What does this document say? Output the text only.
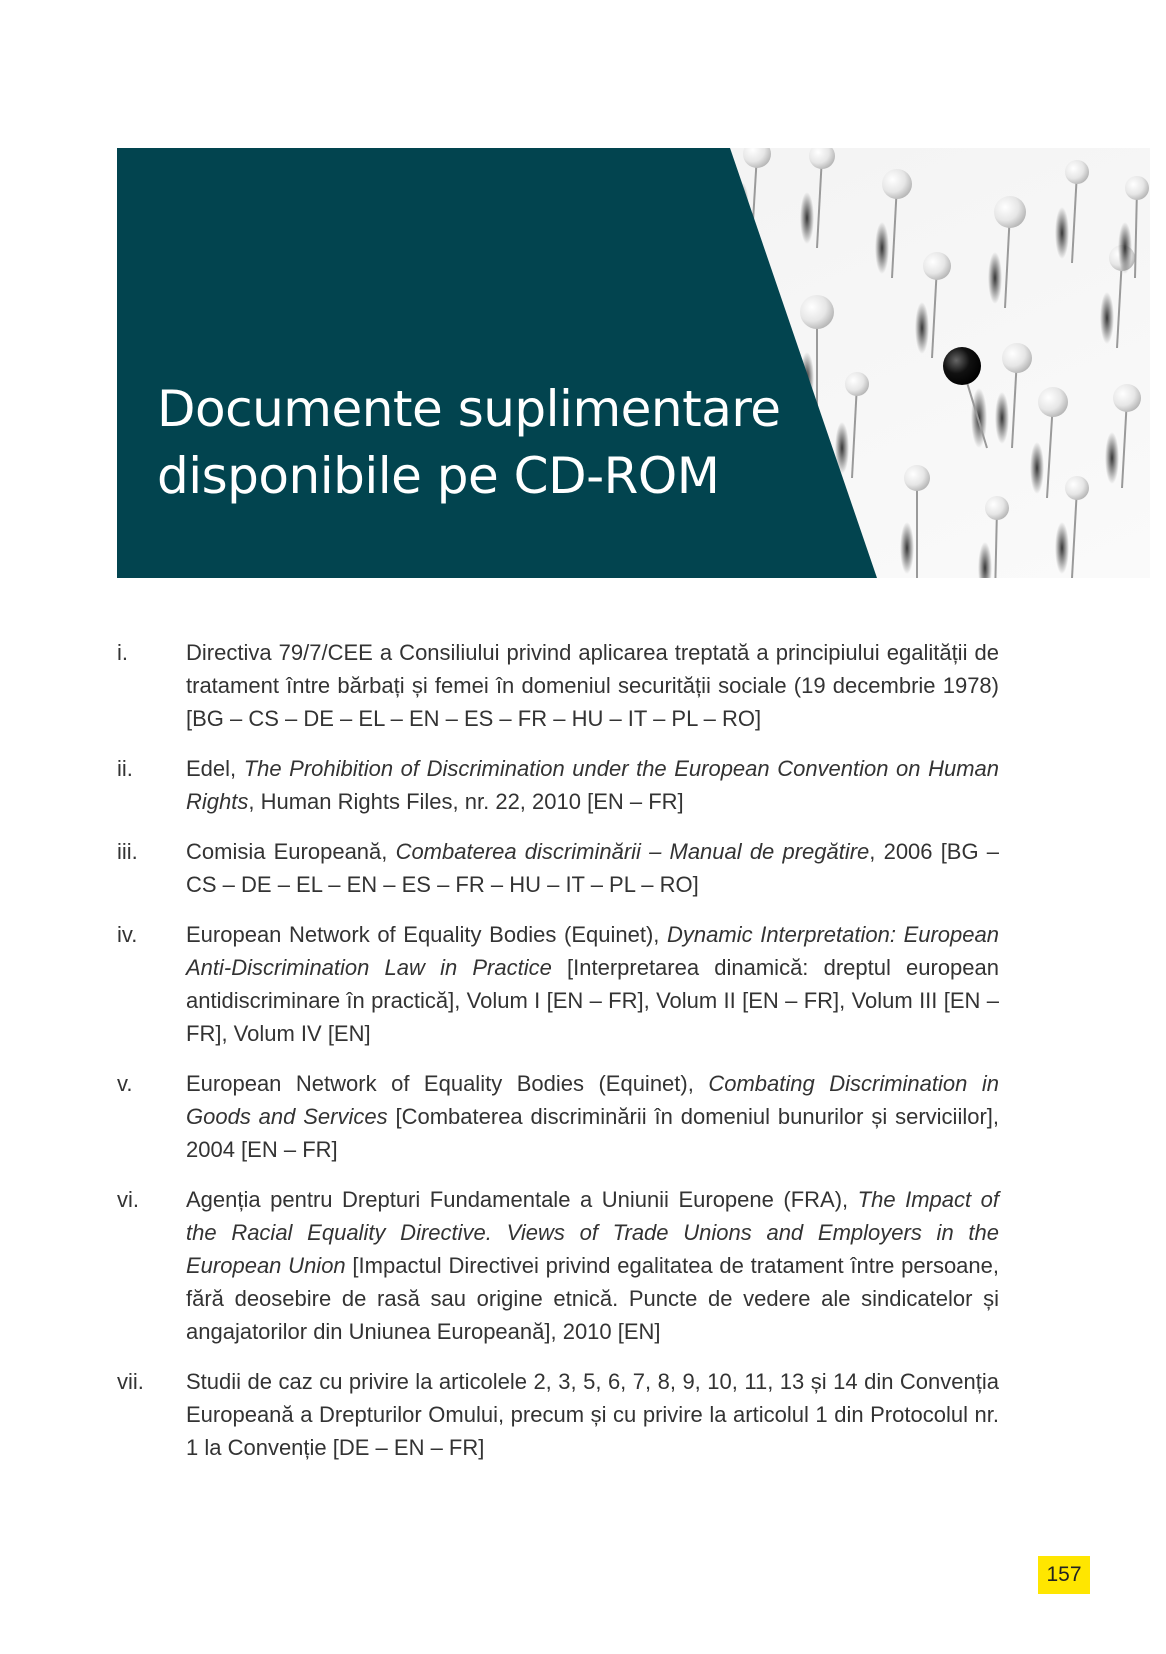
Documente suplimentare
disponibile pe CD-ROM
i.	Directiva 79/7/CEE a Consiliului privind aplicarea treptată a principiului egalității de tratament între bărbați și femei în domeniul securității sociale (19 decembrie 1978) [BG – CS – DE – EL – EN – ES – FR – HU – IT – PL – RO]
ii.	Edel, The Prohibition of Discrimination under the European Convention on Human Rights, Human Rights Files, nr. 22, 2010 [EN – FR]
iii.	Comisia Europeană, Combaterea discriminării – Manual de pregătire, 2006 [BG – CS – DE – EL – EN – ES – FR – HU – IT – PL – RO]
iv.	European Network of Equality Bodies (Equinet), Dynamic Interpretation: European Anti-Discrimination Law in Practice [Interpretarea dinamică: dreptul european antidiscriminare în practică], Volum I [EN – FR], Volum II [EN – FR], Volum III [EN – FR], Volum IV [EN]
v.	European Network of Equality Bodies (Equinet), Combating Discrimination in Goods and Services [Combaterea discriminării în domeniul bunurilor și serviciilor], 2004 [EN – FR]
vi.	Agenția pentru Drepturi Fundamentale a Uniunii Europene (FRA), The Impact of the Racial Equality Directive. Views of Trade Unions and Employers in the European Union [Impactul Directivei privind egalitatea de tratament între persoane, fără deosebire de rasă sau origine etnică. Puncte de vedere ale sindicatelor și angajatorilor din Uniunea Europeană], 2010 [EN]
vii.	Studii de caz cu privire la articolele 2, 3, 5, 6, 7, 8, 9, 10, 11, 13 și 14 din Convenția Europeană a Drepturilor Omului, precum și cu privire la articolul 1 din Protocolul nr. 1 la Convenție [DE – EN – FR]
157
